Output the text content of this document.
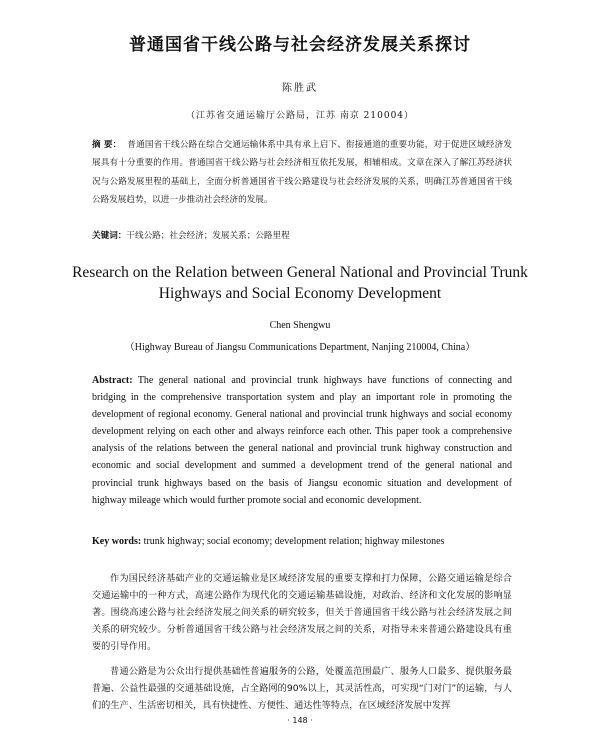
普通国省干线公路与社会经济发展关系探讨
陈胜武
（江苏省交通运输厅公路局，江苏 南京 210004）
摘 要： 普通国省干线公路在综合交通运输体系中具有承上启下、衔接通道的重要功能，对于促进区域经济发展具有十分重要的作用。普通国省干线公路与社会经济相互依托发展，相辅相成。文章在深入了解江苏经济状况与公路发展里程的基础上，全面分析普通国省干线公路建设与社会经济发展的关系，明确江苏普通国省干线公路发展趋势，以进一步推动社会经济的发展。
关键词：干线公路；社会经济；发展关系；公路里程
Research on the Relation between General National and Provincial Trunk Highways and Social Economy Development
Chen Shengwu
（Highway Bureau of Jiangsu Communications Department, Nanjing 210004, China）
Abstract: The general national and provincial trunk highways have functions of connecting and bridging in the comprehensive transportation system and play an important role in promoting the development of regional economy. General national and provincial trunk highways and social economy development relying on each other and always reinforce each other. This paper took a comprehensive analysis of the relations between the general national and provincial trunk highway construction and economic and social development and summed a development trend of the general national and provincial trunk highways based on the basis of Jiangsu economic situation and development of highway mileage which would further promote social and economic development.
Key words: trunk highway; social economy; development relation; highway milestones

作为国民经济基础产业的交通运输业是区域经济发展的重要支撑和打力保障，公路交通运输是综合交通运输中的一种方式，高速公路作为现代化的交通运输基础设施，对政治、经济和文化发展的影响显著。围绕高速公路与社会经济发展之间关系的研究较多，但关于普通国省干线公路与社会经济发展之间关系的研究较少。分析普通国省干线公路与社会经济发展之间的关系，对指导未来普通公路建设具有重要的引导作用。

普通公路是为公众出行提供基础性普遍服务的公路，处覆盖范围最广、服务人口最多、提供服务最普遍、公益性最强的交通基础设施，占全路网的90%以上，其灵活性高，可实现“门对门”的运输，与人们的生产、生活密切相关，具有快捷性、方便性、通达性等特点，在区域经济发展中发挥

· 148 ·
